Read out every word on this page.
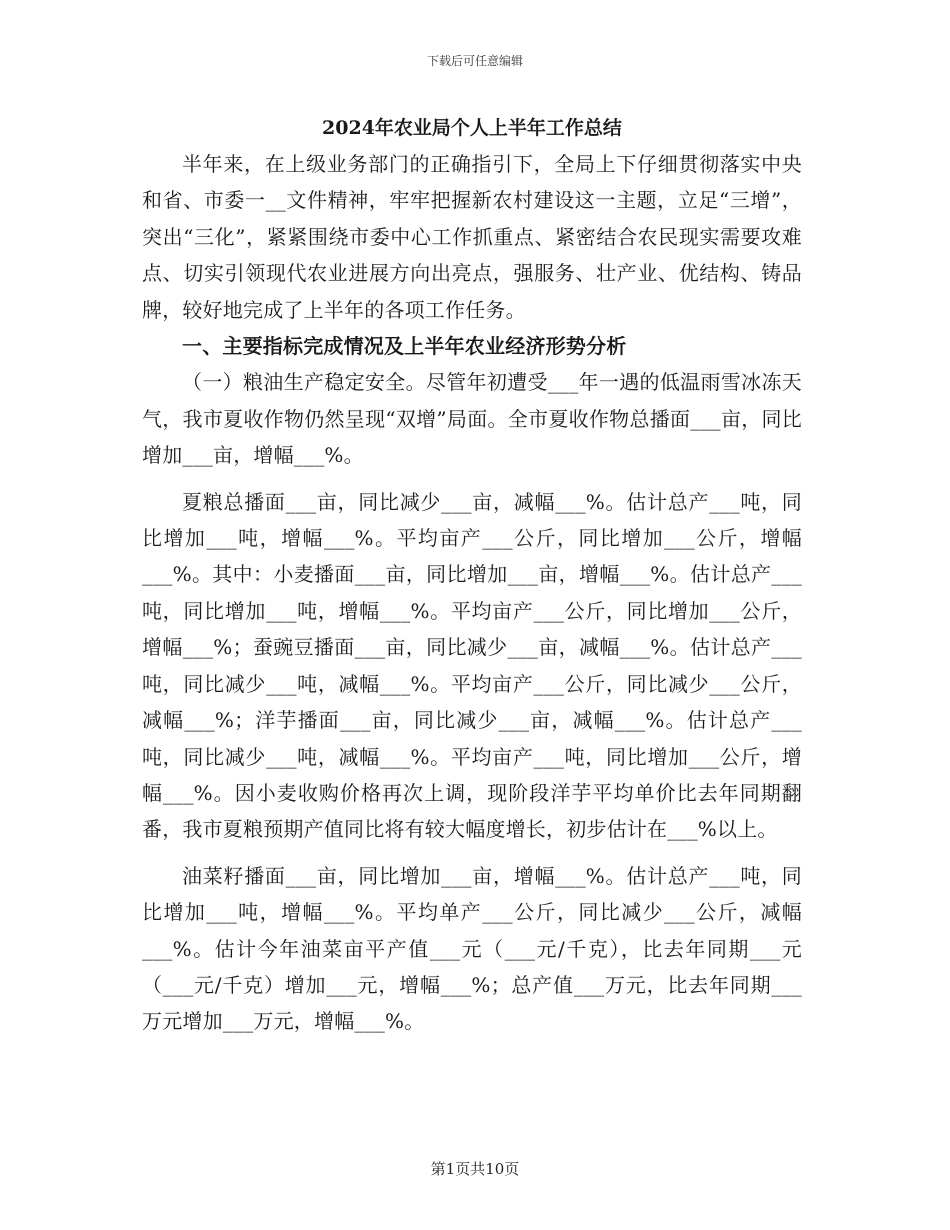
下载后可任意编辑
2024年农业局个人上半年工作总结

半年来，在上级业务部门的正确指引下，全局上下仔细贯彻落实中央和省、市委一__文件精神，牢牢把握新农村建设这一主题，立足“三增”，突出“三化”，紧紧围绕市委中心工作抓重点、紧密结合农民现实需要攻难点、切实引领现代农业进展方向出亮点，强服务、壮产业、优结构、铸品牌，较好地完成了上半年的各项工作任务。

一、主要指标完成情况及上半年农业经济形势分析

（一）粮油生产稳定安全。尽管年初遭受___年一遇的低温雨雪冰冻天气，我市夏收作物仍然呈现“双增”局面。全市夏收作物总播面___亩，同比增加___亩，增幅___%。

夏粮总播面___亩，同比减少___亩，减幅___%。估计总产___吨，同比增加___吨，增幅___%。平均亩产___公斤，同比增加___公斤，增幅___%。其中：小麦播面___亩，同比增加___亩，增幅___%。估计总产___吨，同比增加___吨，增幅___%。平均亩产___公斤，同比增加___公斤，增幅___%；蚕豌豆播面___亩，同比减少___亩，减幅___%。估计总产___吨，同比减少___吨，减幅___%。平均亩产___公斤，同比减少___公斤，减幅___%；洋芋播面___亩，同比减少___亩，减幅___%。估计总产___吨，同比减少___吨，减幅___%。平均亩产___吨，同比增加___公斤，增幅___%。因小麦收购价格再次上调，现阶段洋芋平均单价比去年同期翻番，我市夏粮预期产值同比将有较大幅度增长，初步估计在___%以上。

油菜籽播面___亩，同比增加___亩，增幅___%。估计总产___吨，同比增加___吨，增幅___%。平均单产___公斤，同比减少___公斤，减幅___%。估计今年油菜亩平产值___元（___元/千克），比去年同期___元（___元/千克）增加___元，增幅___%；总产值___万元，比去年同期___万元增加___万元，增幅___%。

第1页共10页
